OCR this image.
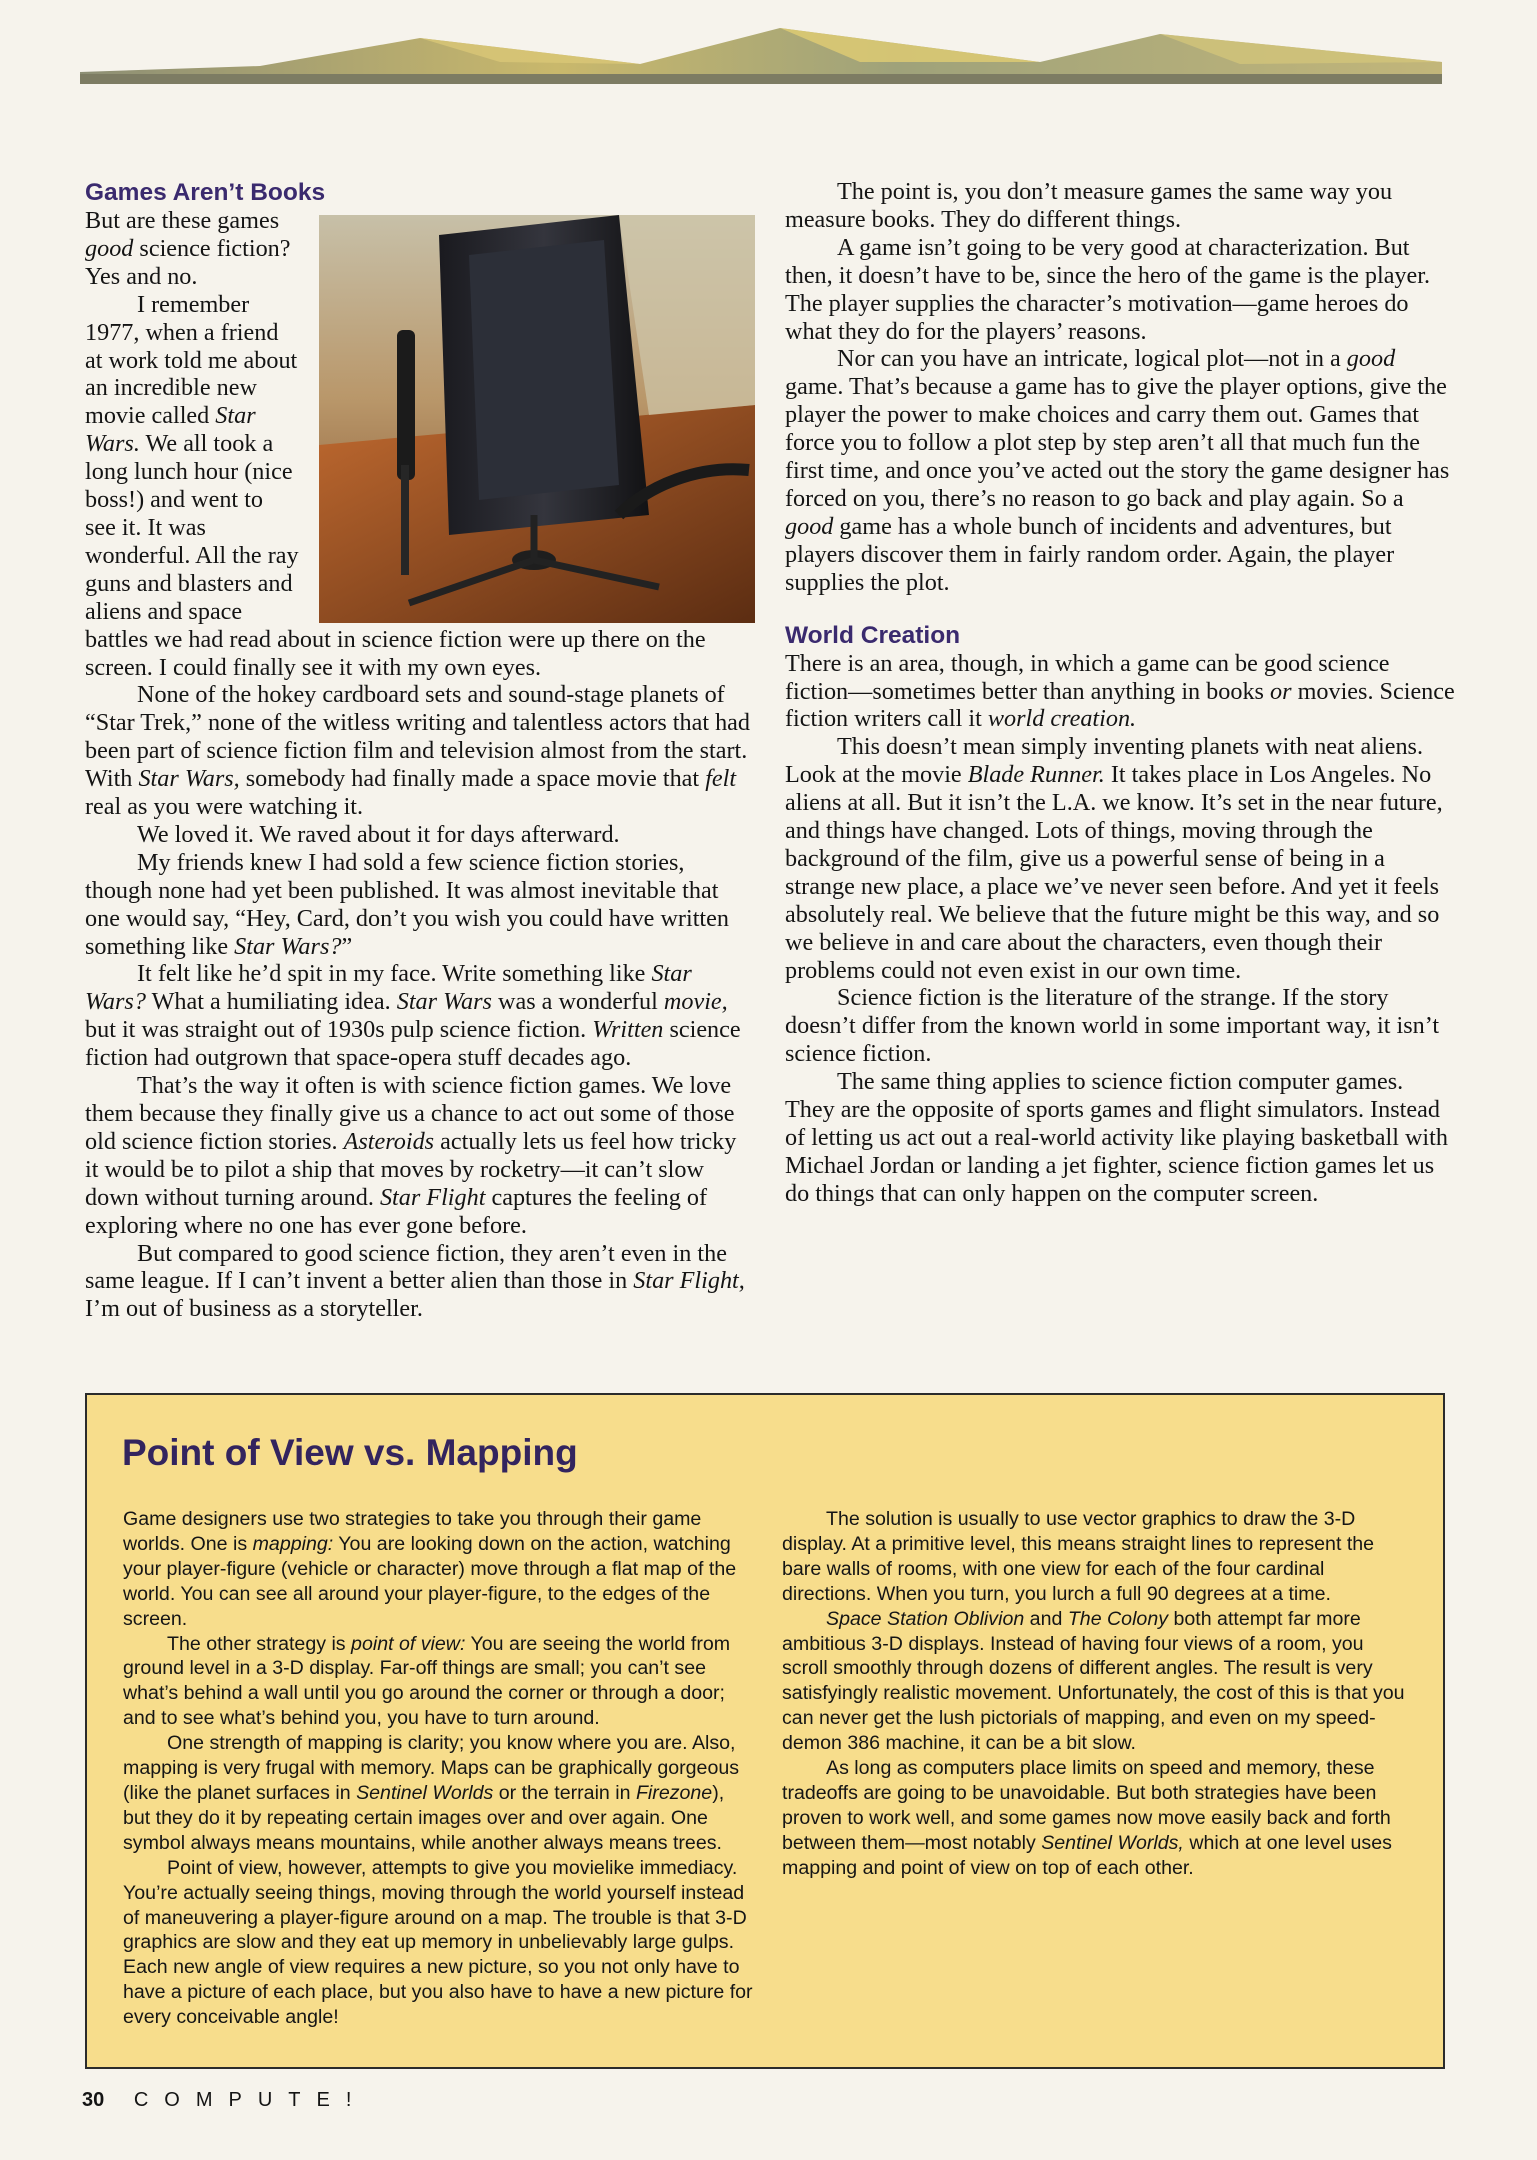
Games Aren’t Books

But are these games good science fiction? Yes and no.

I remember 1977, when a friend at work told me about an incredible new movie called Star Wars. We all took a long lunch hour (nice boss!) and went to see it. It was wonderful. All the ray guns and blasters and aliens and space battles we had read about in science fiction were up there on the screen. I could finally see it with my own eyes.

None of the hokey cardboard sets and sound-stage planets of “Star Trek,” none of the witless writing and talentless actors that had been part of science fiction film and television almost from the start. With Star Wars, somebody had finally made a space movie that felt real as you were watching it.

We loved it. We raved about it for days afterward.

My friends knew I had sold a few science fiction stories, though none had yet been published. It was almost inevitable that one would say, “Hey, Card, don’t you wish you could have written something like Star Wars?”

It felt like he’d spit in my face. Write something like Star Wars? What a humiliating idea. Star Wars was a wonderful movie, but it was straight out of 1930s pulp science fiction. Written science fiction had outgrown that space-opera stuff decades ago.

That’s the way it often is with science fiction games. We love them because they finally give us a chance to act out some of those old science fiction stories. Asteroids actually lets us feel how tricky it would be to pilot a ship that moves by rocketry—it can’t slow down without turning around. Star Flight captures the feeling of exploring where no one has ever gone before.

But compared to good science fiction, they aren’t even in the same league. If I can’t invent a better alien than those in Star Flight, I’m out of business as a storyteller.

The point is, you don’t measure games the same way you measure books. They do different things.

A game isn’t going to be very good at characterization. But then, it doesn’t have to be, since the hero of the game is the player. The player supplies the character’s motivation—game heroes do what they do for the players’ reasons.

Nor can you have an intricate, logical plot—not in a good game. That’s because a game has to give the player options, give the player the power to make choices and carry them out. Games that force you to follow a plot step by step aren’t all that much fun the first time, and once you’ve acted out the story the game designer has forced on you, there’s no reason to go back and play again. So a good game has a whole bunch of incidents and adventures, but players discover them in fairly random order. Again, the player supplies the plot.

World Creation

There is an area, though, in which a game can be good science fiction—sometimes better than anything in books or movies. Science fiction writers call it world creation.

This doesn’t mean simply inventing planets with neat aliens. Look at the movie Blade Runner. It takes place in Los Angeles. No aliens at all. But it isn’t the L.A. we know. It’s set in the near future, and things have changed. Lots of things, moving through the background of the film, give us a powerful sense of being in a strange new place, a place we’ve never seen before. And yet it feels absolutely real. We believe that the future might be this way, and so we believe in and care about the characters, even though their problems could not even exist in our own time.

Science fiction is the literature of the strange. If the story doesn’t differ from the known world in some important way, it isn’t science fiction.

The same thing applies to science fiction computer games. They are the opposite of sports games and flight simulators. Instead of letting us act out a real-world activity like playing basketball with Michael Jordan or landing a jet fighter, science fiction games let us do things that can only happen on the computer screen.

Point of View vs. Mapping

Game designers use two strategies to take you through their game worlds. One is mapping: You are looking down on the action, watching your player-figure (vehicle or character) move through a flat map of the world. You can see all around your player-figure, to the edges of the screen.

The other strategy is point of view: You are seeing the world from ground level in a 3-D display. Far-off things are small; you can’t see what’s behind a wall until you go around the corner or through a door; and to see what’s behind you, you have to turn around.

One strength of mapping is clarity; you know where you are. Also, mapping is very frugal with memory. Maps can be graphically gorgeous (like the planet surfaces in Sentinel Worlds or the terrain in Firezone), but they do it by repeating certain images over and over again. One symbol always means mountains, while another always means trees.

Point of view, however, attempts to give you movielike immediacy. You’re actually seeing things, moving through the world yourself instead of maneuvering a player-figure around on a map. The trouble is that 3-D graphics are slow and they eat up memory in unbelievably large gulps. Each new angle of view requires a new picture, so you not only have to have a picture of each place, but you also have to have a new picture for every conceivable angle!

The solution is usually to use vector graphics to draw the 3-D display. At a primitive level, this means straight lines to represent the bare walls of rooms, with one view for each of the four cardinal directions. When you turn, you lurch a full 90 degrees at a time.

Space Station Oblivion and The Colony both attempt far more ambitious 3-D displays. Instead of having four views of a room, you scroll smoothly through dozens of different angles. The result is very satisfyingly realistic movement. Unfortunately, the cost of this is that you can never get the lush pictorials of mapping, and even on my speed-demon 386 machine, it can be a bit slow.

As long as computers place limits on speed and memory, these tradeoffs are going to be unavoidable. But both strategies have been proven to work well, and some games now move easily back and forth between them—most notably Sentinel Worlds, which at one level uses mapping and point of view on top of each other.

30 COMPUTE!
